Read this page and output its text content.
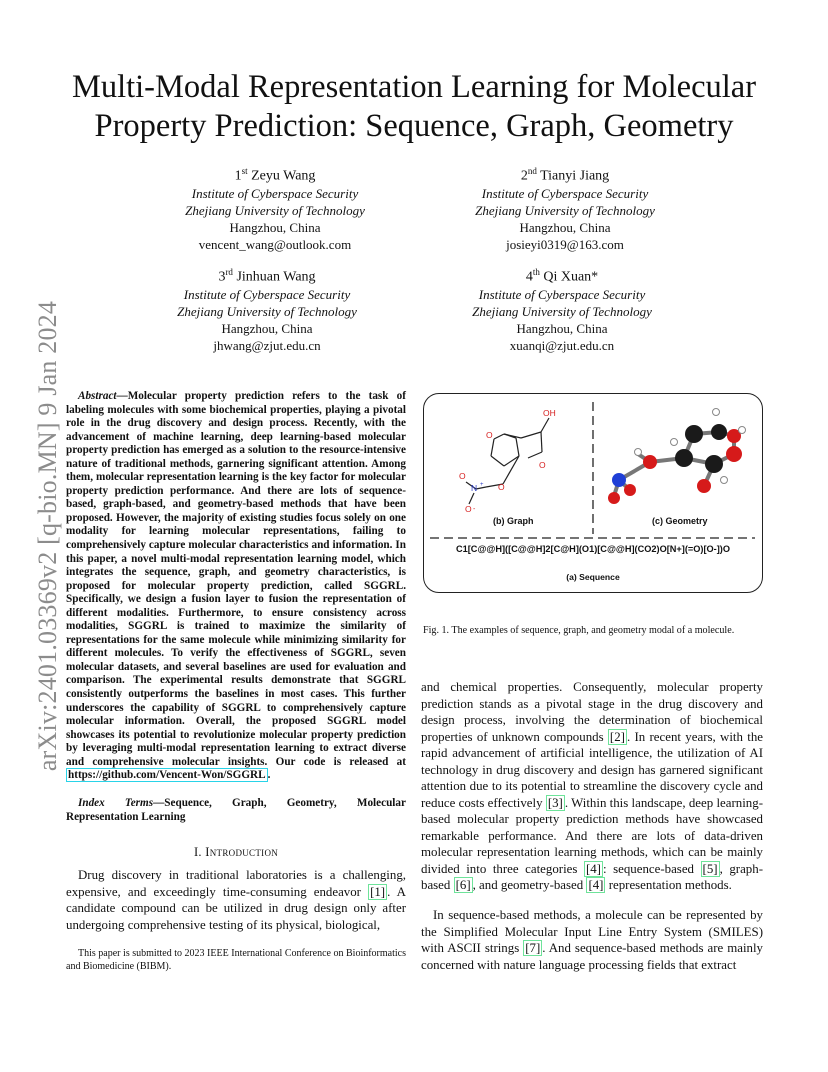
arXiv:2401.03369v2 [q-bio.MN] 9 Jan 2024
Multi-Modal Representation Learning for Molecular Property Prediction: Sequence, Graph, Geometry
1st Zeyu Wang
Institute of Cyberspace Security
Zhejiang University of Technology
Hangzhou, China
vencent_wang@outlook.com
2nd Tianyi Jiang
Institute of Cyberspace Security
Zhejiang University of Technology
Hangzhou, China
josieyi0319@163.com
3rd Jinhuan Wang
Institute of Cyberspace Security
Zhejiang University of Technology
Hangzhou, China
jhwang@zjut.edu.cn
4th Qi Xuan*
Institute of Cyberspace Security
Zhejiang University of Technology
Hangzhou, China
xuanqi@zjut.edu.cn
Abstract—Molecular property prediction refers to the task of labeling molecules with some biochemical properties, playing a pivotal role in the drug discovery and design process. Recently, with the advancement of machine learning, deep learning-based molecular property prediction has emerged as a solution to the resource-intensive nature of traditional methods, garnering significant attention. Among them, molecular representation learning is the key factor for molecular property prediction performance. And there are lots of sequence-based, graph-based, and geometry-based methods that have been proposed. However, the majority of existing studies focus solely on one modality for learning molecular representations, failing to comprehensively capture molecular characteristics and information. In this paper, a novel multi-modal representation learning model, which integrates the sequence, graph, and geometry characteristics, is proposed for molecular property prediction, called SGGRL. Specifically, we design a fusion layer to fusion the representation of different modalities. Furthermore, to ensure consistency across modalities, SGGRL is trained to maximize the similarity of representations for the same molecule while minimizing similarity for different molecules. To verify the effectiveness of SGGRL, seven molecular datasets, and several baselines are used for evaluation and comparison. The experimental results demonstrate that SGGRL consistently outperforms the baselines in most cases. This further underscores the capability of SGGRL to comprehensively capture molecular information. Overall, the proposed SGGRL model showcases its potential to revolutionize molecular property prediction by leveraging multi-modal representation learning to extract diverse and comprehensive molecular insights. Our code is released at https://github.com/Vencent-Won/SGGRL .
Index Terms—Sequence, Graph, Geometry, Molecular Representation Learning
I. Introduction
Drug discovery in traditional laboratories is a challenging, expensive, and exceedingly time-consuming endeavor [1] . A candidate compound can be utilized in drug design only after undergoing comprehensive testing of its physical, biological,
This paper is submitted to 2023 IEEE International Conference on Bioinformatics and Biomedicine (BIBM).
OH
O
O
O
N +
O
O -
(b) Graph	(c) Geometry
C1[C@@H]([C@@H]2[C@H](O1)[C@@H](CO2)O[N+](=O)[O-])O
(a) Sequence
Fig. 1. The examples of sequence, graph, and geometry modal of a molecule.
and chemical properties. Consequently, molecular property prediction stands as a pivotal stage in the drug discovery and design process, involving the determination of biochemical properties of unknown compounds [2] . In recent years, with the rapid advancement of artificial intelligence, the utilization of AI technology in drug discovery and design has garnered significant attention due to its potential to streamline the discovery cycle and reduce costs effectively [3] . Within this landscape, deep learning-based molecular property prediction methods have showcased remarkable performance. And there are lots of data-driven molecular representation learning methods, which can be mainly divided into three categories [4] : sequence-based [5] , graph-based [6] , and geometry-based [4] representation methods.
In sequence-based methods, a molecule can be represented by the Simplified Molecular Input Line Entry System (SMILES) with ASCII strings [7] . And sequence-based methods are mainly concerned with nature language processing fields that extract
